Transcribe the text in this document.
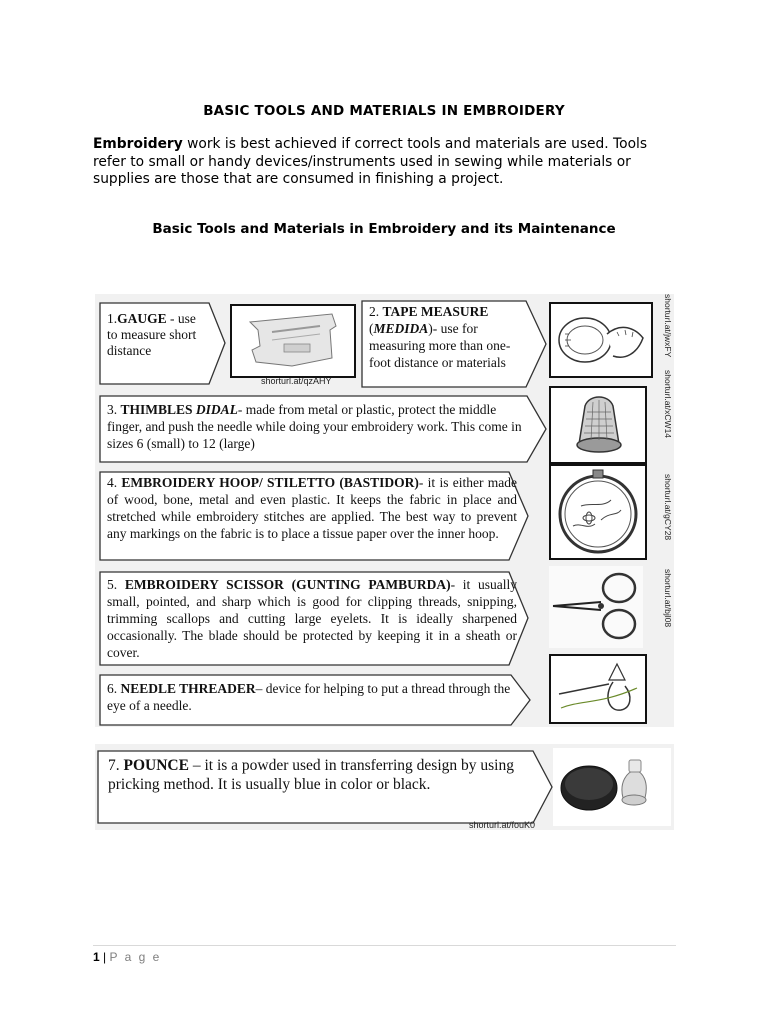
BASIC TOOLS AND MATERIALS IN EMBROIDERY
Embroidery work is best achieved if correct tools and materials are used. Tools refer to small or handy devices/instruments used in sewing while materials or supplies are those that are consumed in finishing a project.
Basic Tools and Materials in Embroidery and its Maintenance
1.GAUGE - use to measure short distance
shorturl.at/qzAHY
2. TAPE MEASURE
(MEDIDA)- use for measuring more than one-foot distance or materials
shorturl.at/jwxFY
3. THIMBLES DIDAL- made from metal or plastic, protect the middle finger, and push the needle while doing your embroidery work. This come in sizes 6 (small) to 12 (large)
shorturl.at/xCW14
4. EMBROIDERY HOOP/ STILETTO (BASTIDOR)- it is either made of wood, bone, metal and even plastic. It keeps the fabric in place and stretched while embroidery stitches are applied. The best way to prevent any markings on the fabric is to place a tissue paper over the inner hoop.	shorturl.at/gCY28
5. EMBROIDERY SCISSOR (GUNTING PAMBURDA)- it usually small, pointed, and sharp which is good for clipping threads, snipping, trimming scallops and cutting large eyelets. It is ideally sharpened occasionally. The blade should be protected by keeping it in a sheath or cover.
shorturl.at/bjl08
6. NEEDLE THREADER– device for helping to put a thread through the eye of a needle.
7. POUNCE – it is a powder used in transferring design by using pricking method. It is usually blue in color or black.
shorturl.at/fouK0
1 | P a g e
